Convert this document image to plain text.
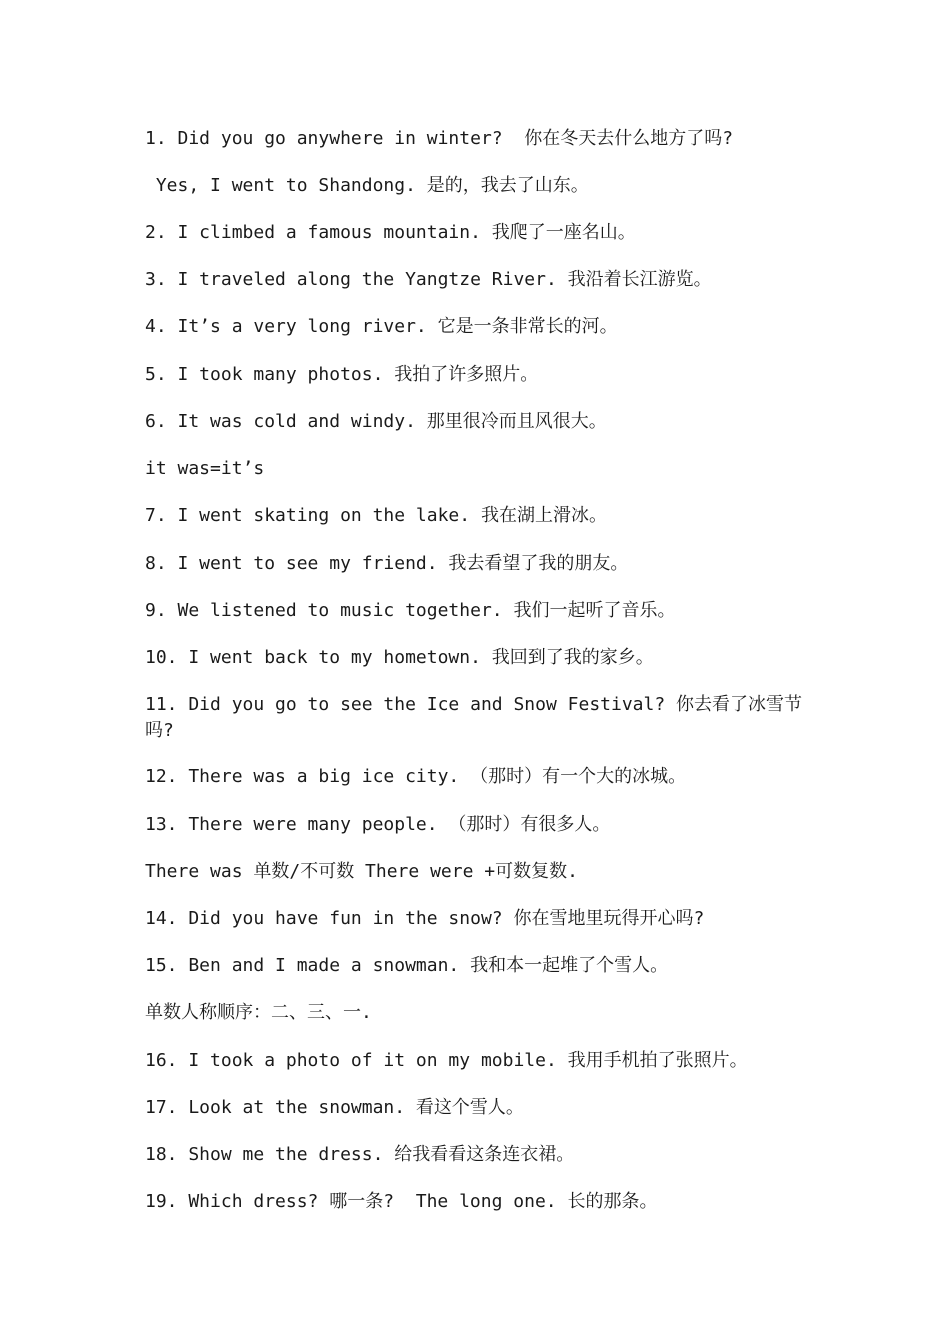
1. Did you go anywhere in winter?  你在冬天去什么地方了吗?
Yes, I went to Shandong. 是的，我去了山东。
2. I climbed a famous mountain. 我爬了一座名山。
3. I traveled along the Yangtze River. 我沿着长江游览。
4. It’s a very long river. 它是一条非常长的河。
5. I took many photos. 我拍了许多照片。
6. It was cold and windy. 那里很冷而且风很大。
it was=it’s
7. I went skating on the lake. 我在湖上滑冰。
8. I went to see my friend. 我去看望了我的朋友。
9. We listened to music together. 我们一起听了音乐。
10. I went back to my hometown. 我回到了我的家乡。
11. Did you go to see the Ice and Snow Festival? 你去看了冰雪节吗?
12. There was a big ice city. （那时）有一个大的冰城。
13. There were many people. （那时）有很多人。
There was 单数/不可数 There were +可数复数.
14. Did you have fun in the snow? 你在雪地里玩得开心吗?
15. Ben and I made a snowman. 我和本一起堆了个雪人。
单数人称顺序：二、三、一.
16. I took a photo of it on my mobile. 我用手机拍了张照片。
17. Look at the snowman. 看这个雪人。
18. Show me the dress. 给我看看这条连衣裙。
19. Which dress? 哪一条?  The long one. 长的那条。
